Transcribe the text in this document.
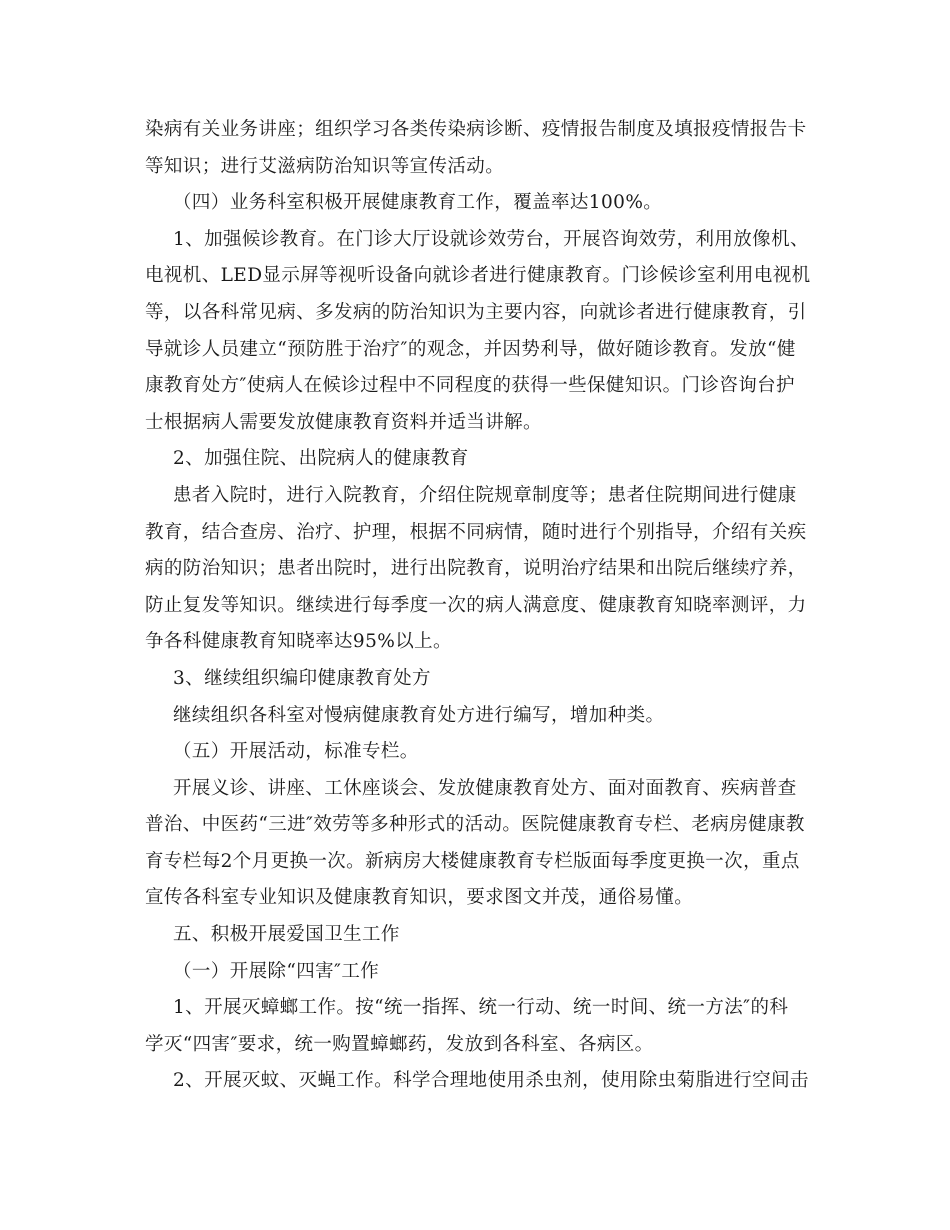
染病有关业务讲座；组织学习各类传染病诊断、疫情报告制度及填报疫情报告卡
等知识；进行艾滋病防治知识等宣传活动。
（四）业务科室积极开展健康教育工作，覆盖率达100%。
1、加强候诊教育。在门诊大厅设就诊效劳台，开展咨询效劳，利用放像机、
电视机、LED显示屏等视听设备向就诊者进行健康教育。门诊候诊室利用电视机
等，以各科常见病、多发病的防治知识为主要内容，向就诊者进行健康教育，引
导就诊人员建立“预防胜于治疗″的观念，并因势利导，做好随诊教育。发放“健
康教育处方″使病人在候诊过程中不同程度的获得一些保健知识。门诊咨询台护
士根据病人需要发放健康教育资料并适当讲解。
2、加强住院、出院病人的健康教育
患者入院时，进行入院教育，介绍住院规章制度等；患者住院期间进行健康
教育，结合查房、治疗、护理，根据不同病情，随时进行个别指导，介绍有关疾
病的防治知识；患者出院时，进行出院教育，说明治疗结果和出院后继续疗养，
防止复发等知识。继续进行每季度一次的病人满意度、健康教育知晓率测评，力
争各科健康教育知晓率达95%以上。
3、继续组织编印健康教育处方
继续组织各科室对慢病健康教育处方进行编写，增加种类。
（五）开展活动，标准专栏。
开展义诊、讲座、工休座谈会、发放健康教育处方、面对面教育、疾病普查
普治、中医药“三进″效劳等多种形式的活动。医院健康教育专栏、老病房健康教
育专栏每2个月更换一次。新病房大楼健康教育专栏版面每季度更换一次，重点
宣传各科室专业知识及健康教育知识，要求图文并茂，通俗易懂。
五、积极开展爱国卫生工作
（一）开展除“四害″工作
1、开展灭蟑螂工作。按“统一指挥、统一行动、统一时间、统一方法″的科
学灭“四害″要求，统一购置蟑螂药，发放到各科室、各病区。
2、开展灭蚊、灭蝇工作。科学合理地使用杀虫剂，使用除虫菊脂进行空间击
